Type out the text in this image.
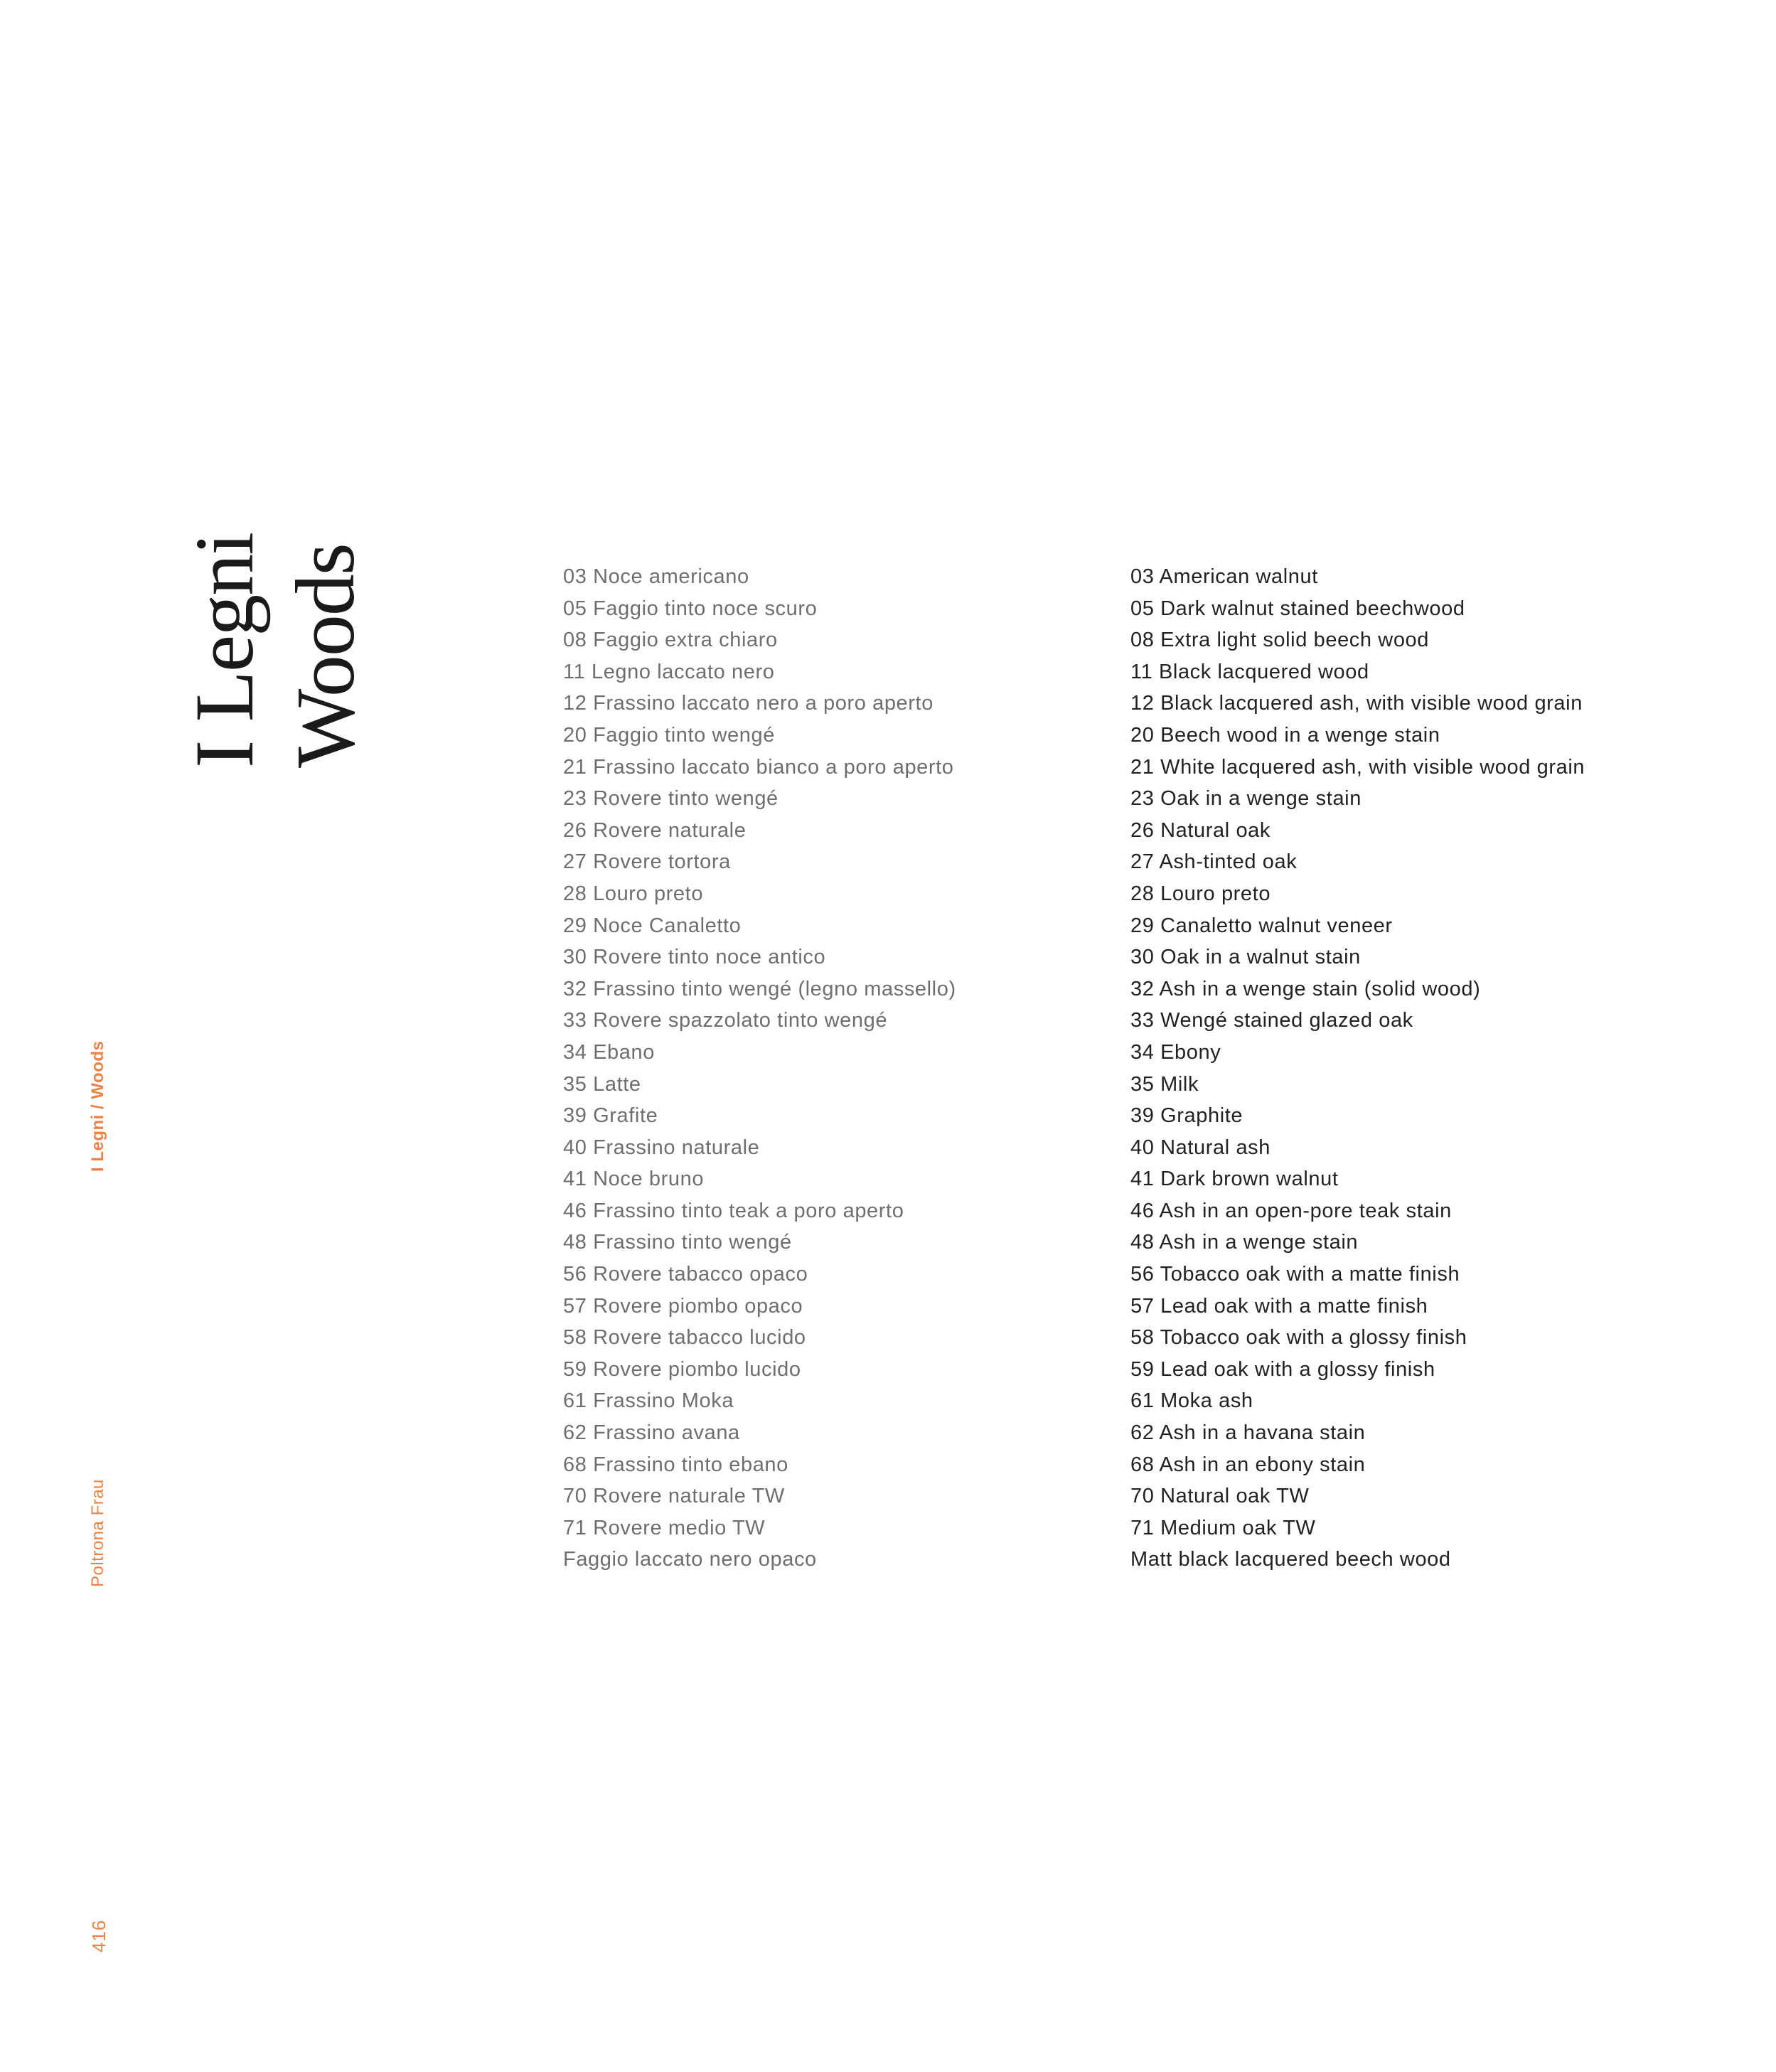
I Legni Woods
I Legni / Woods
Poltrona Frau
416
03 Noce americano
05 Faggio tinto noce scuro
08 Faggio extra chiaro
11 Legno laccato nero
12 Frassino laccato nero a poro aperto
20 Faggio tinto wengé
21 Frassino laccato bianco a poro aperto
23 Rovere tinto wengé
26 Rovere naturale
27 Rovere tortora
28 Louro preto
29 Noce Canaletto
30 Rovere tinto noce antico
32 Frassino tinto wengé (legno massello)
33 Rovere spazzolato tinto wengé
34 Ebano
35 Latte
39 Grafite
40 Frassino naturale
41 Noce bruno
46 Frassino tinto teak a poro aperto
48 Frassino tinto wengé
56 Rovere tabacco opaco
57 Rovere piombo opaco
58 Rovere tabacco lucido
59 Rovere piombo lucido
61 Frassino Moka
62 Frassino avana
68 Frassino tinto ebano
70 Rovere naturale TW
71 Rovere medio TW
Faggio laccato nero opaco
03 American walnut
05 Dark walnut stained beechwood
08 Extra light solid beech wood
11 Black lacquered wood
12 Black lacquered ash, with visible wood grain
20 Beech wood in a wenge stain
21 White lacquered ash, with visible wood grain
23 Oak in a wenge stain
26 Natural oak
27 Ash-tinted oak
28 Louro preto
29 Canaletto walnut veneer
30 Oak in a walnut stain
32 Ash in a wenge stain (solid wood)
33 Wengé stained glazed oak
34 Ebony
35 Milk
39 Graphite
40 Natural ash
41 Dark brown walnut
46 Ash in an open-pore teak stain
48 Ash in a wenge stain
56 Tobacco oak with a matte finish
57 Lead oak with a matte finish
58 Tobacco oak with a glossy finish
59 Lead oak with a glossy finish
61 Moka ash
62 Ash in a havana stain
68 Ash in an ebony stain
70 Natural oak TW
71 Medium oak TW
Matt black lacquered beech wood
